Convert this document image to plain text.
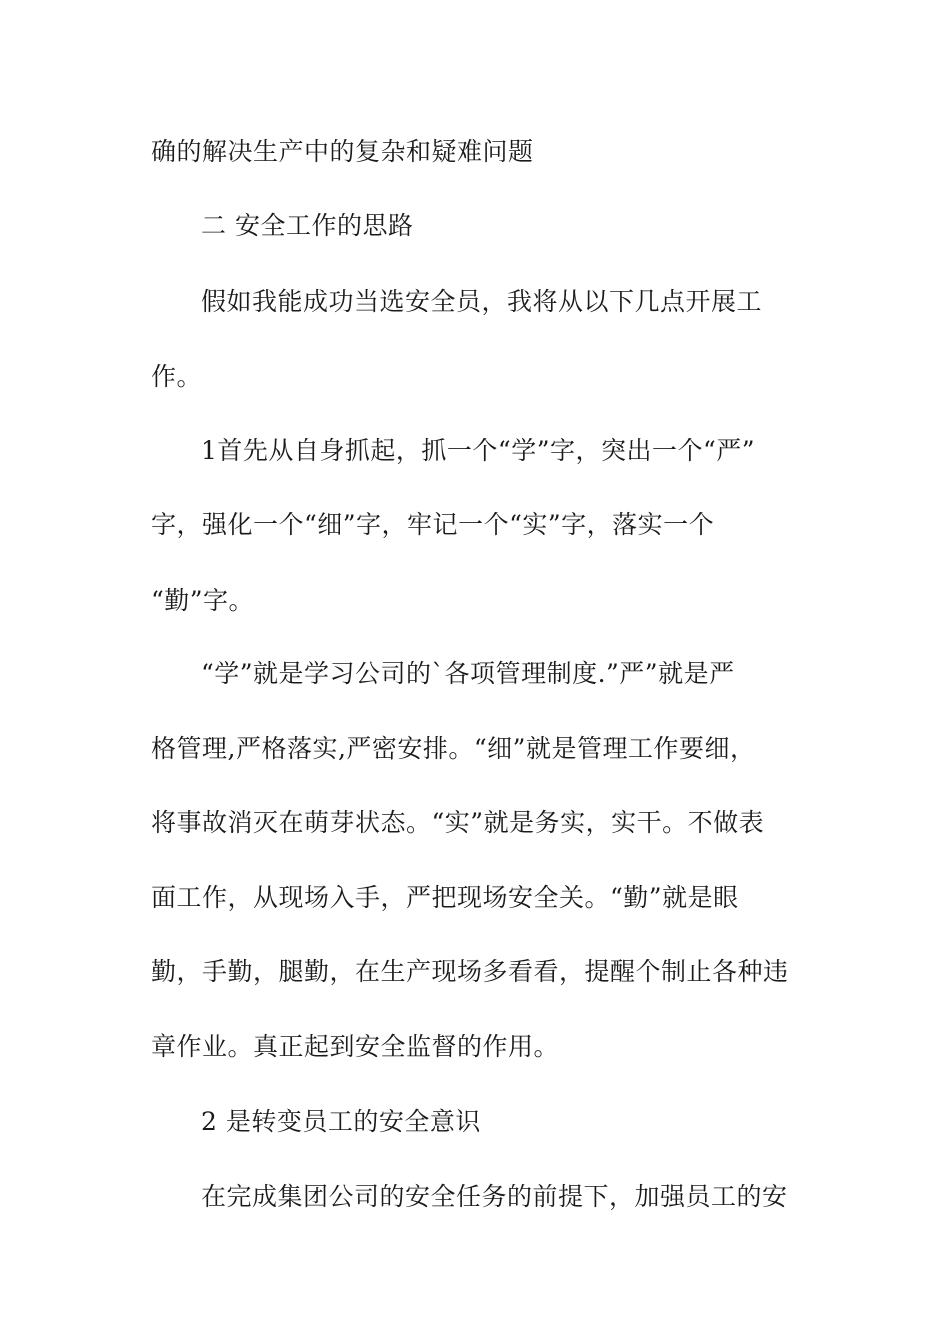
确的解决生产中的复杂和疑难问题
二 安全工作的思路
假如我能成功当选安全员，我将从以下几点开展工
作。
1首先从自身抓起，抓一个“学”字，突出一个“严”
字，强化一个“细”字，牢记一个“实”字，落实一个
“勤”字。
“学”就是学习公司的`各项管理制度.”严”就是严
格管理,严格落实,严密安排。“细”就是管理工作要细，
将事故消灭在萌芽状态。“实”就是务实，实干。不做表
面工作，从现场入手，严把现场安全关。“勤”就是眼
勤，手勤，腿勤，在生产现场多看看，提醒个制止各种违
章作业。真正起到安全监督的作用。
2 是转变员工的安全意识
在完成集团公司的安全任务的前提下，加强员工的安
